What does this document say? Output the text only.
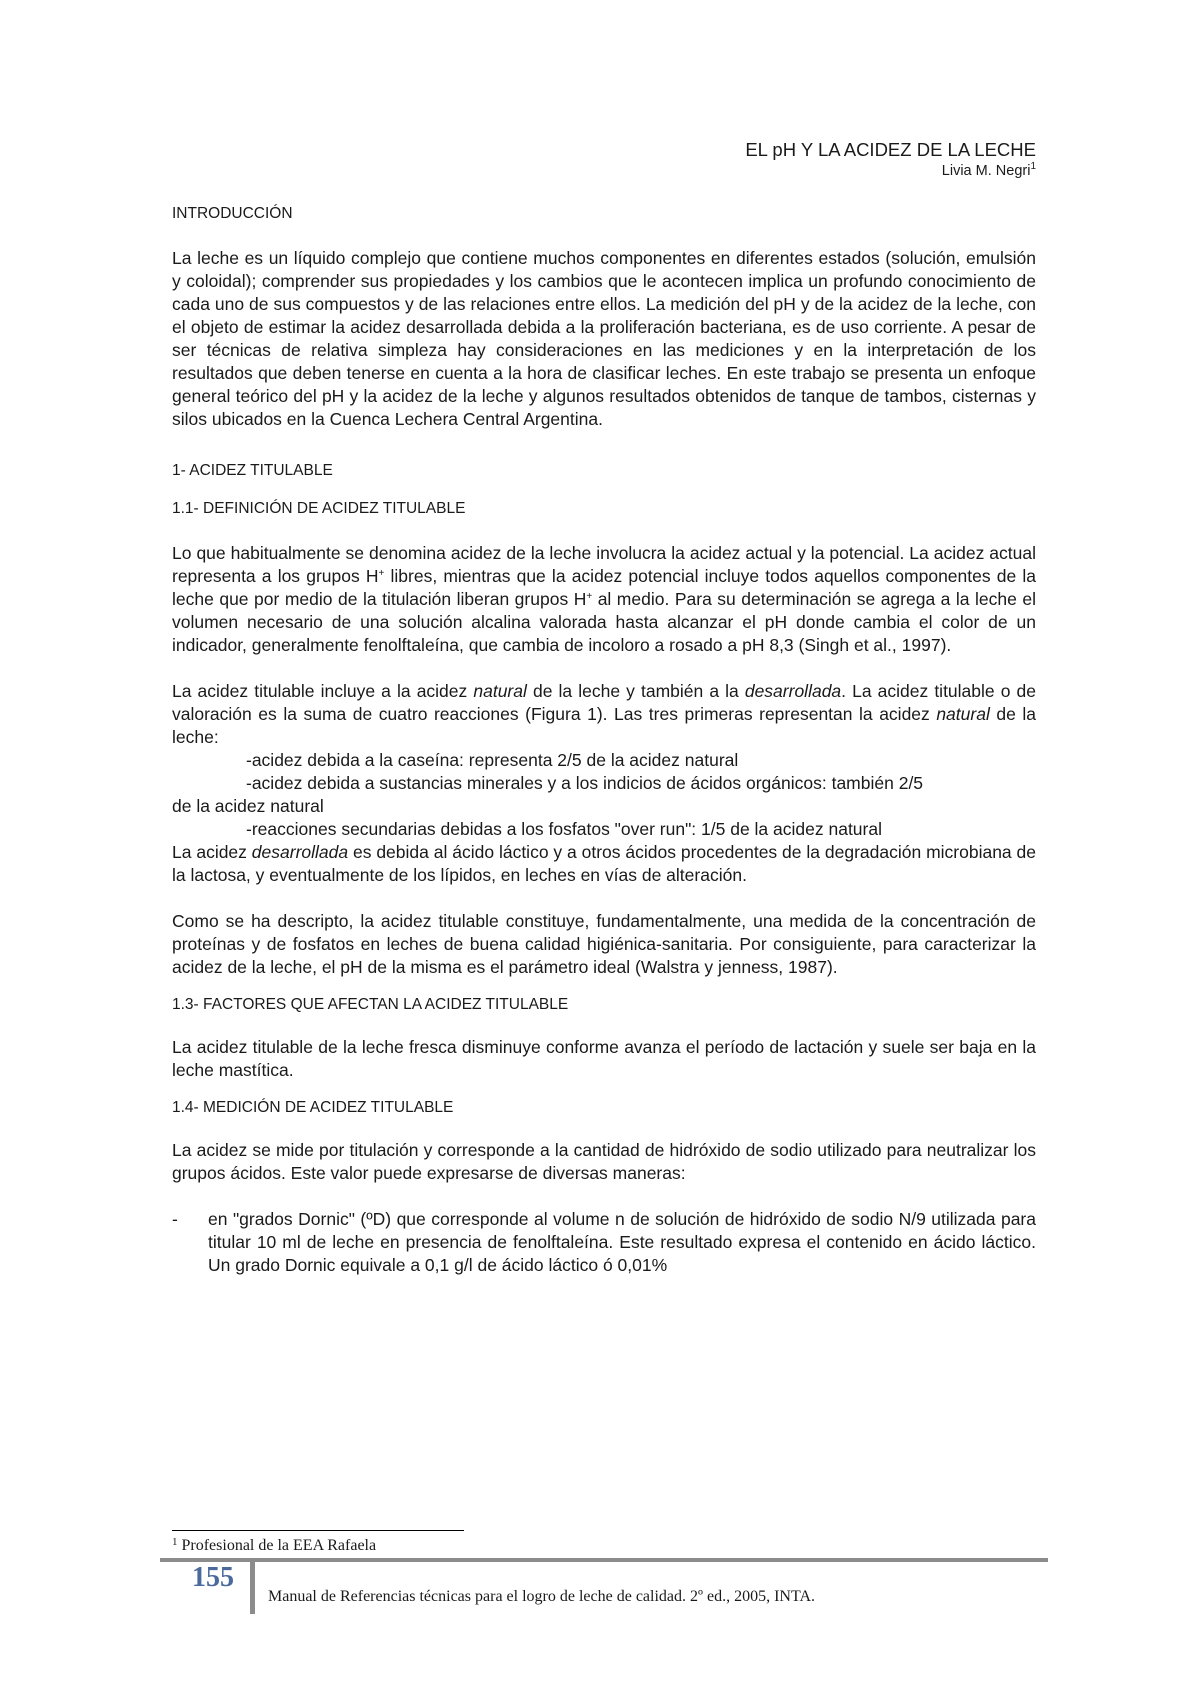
EL pH Y LA ACIDEZ DE LA LECHE
Livia M. Negri$^1$

INTRODUCCIÓN

La leche es un líquido complejo que contiene muchos componentes en diferentes estados (solución, emulsión y coloidal); comprender sus propiedades y los cambios que le acontecen implica un profundo conocimiento de cada uno de sus compuestos y de las relaciones entre ellos. La medición del pH y de la acidez de la leche, con el objeto de estimar la acidez desarrollada debida a la proliferación bacteriana, es de uso corriente. A pesar de ser técnicas de relativa simpleza hay consideraciones en las mediciones y en la interpretación de los resultados que deben tenerse en cuenta a la hora de clasificar leches. En este trabajo se presenta un enfoque general teórico del pH y la acidez de la leche y algunos resultados obtenidos de tanque de tambos, cisternas y silos ubicados en la Cuenca Lechera Central Argentina.

1- ACIDEZ TITULABLE

1.1- DEFINICIÓN DE ACIDEZ TITULABLE

Lo que habitualmente se denomina acidez de la leche involucra la acidez actual y la potencial. La acidez actual representa a los grupos H+ libres, mientras que la acidez potencial incluye todos aquellos componentes de la leche que por medio de la titulación liberan grupos H+ al medio. Para su determinación se agrega a la leche el volumen necesario de una solución alcalina valorada hasta alcanzar el pH donde cambia el color de un indicador, generalmente fenolftaleína, que cambia de incoloro a rosado a pH 8,3 (Singh et al., 1997).

La acidez titulable incluye a la acidez natural de la leche y también a la desarrollada. La acidez titulable o de valoración es la suma de cuatro reacciones (Figura 1). Las tres primeras representan la acidez natural de la leche:

-acidez debida a la caseína: representa 2/5 de la acidez natural
-acidez debida a sustancias minerales y a los indicios de ácidos orgánicos: también 2/5
de la acidez natural
-reacciones secundarias debidas a los fosfatos "over run": 1/5 de la acidez natural

La acidez desarrollada es debida al ácido láctico y a otros ácidos procedentes de la degradación microbiana de la lactosa, y eventualmente de los lípidos, en leches en vías de alteración.

Como se ha descripto, la acidez titulable constituye, fundamentalmente, una medida de la concentración de proteínas y de fosfatos en leches de buena calidad higiénica-sanitaria. Por consiguiente, para caracterizar la acidez de la leche, el pH de la misma es el parámetro ideal (Walstra y jenness, 1987).

1.3- FACTORES QUE AFECTAN LA ACIDEZ TITULABLE

La acidez titulable de la leche fresca disminuye conforme avanza el período de lactación y suele ser baja en la leche mastítica.

1.4- MEDICIÓN DE ACIDEZ TITULABLE

La acidez se mide por titulación y corresponde a la cantidad de hidróxido de sodio utilizado para neutralizar los grupos ácidos. Este valor puede expresarse de diversas maneras:

- en "grados Dornic" (ºD) que corresponde al volume n de solución de hidróxido de sodio N/9 utilizada para titular 10 ml de leche en presencia de fenolftaleína. Este resultado expresa el contenido en ácido láctico. Un grado Dornic equivale a 0,1 g/l de ácido láctico ó 0,01%
$^1$ Profesional de la EEA Rafaela
155
Manual de Referencias técnicas para el logro de leche de calidad. 2º ed., 2005, INTA.
